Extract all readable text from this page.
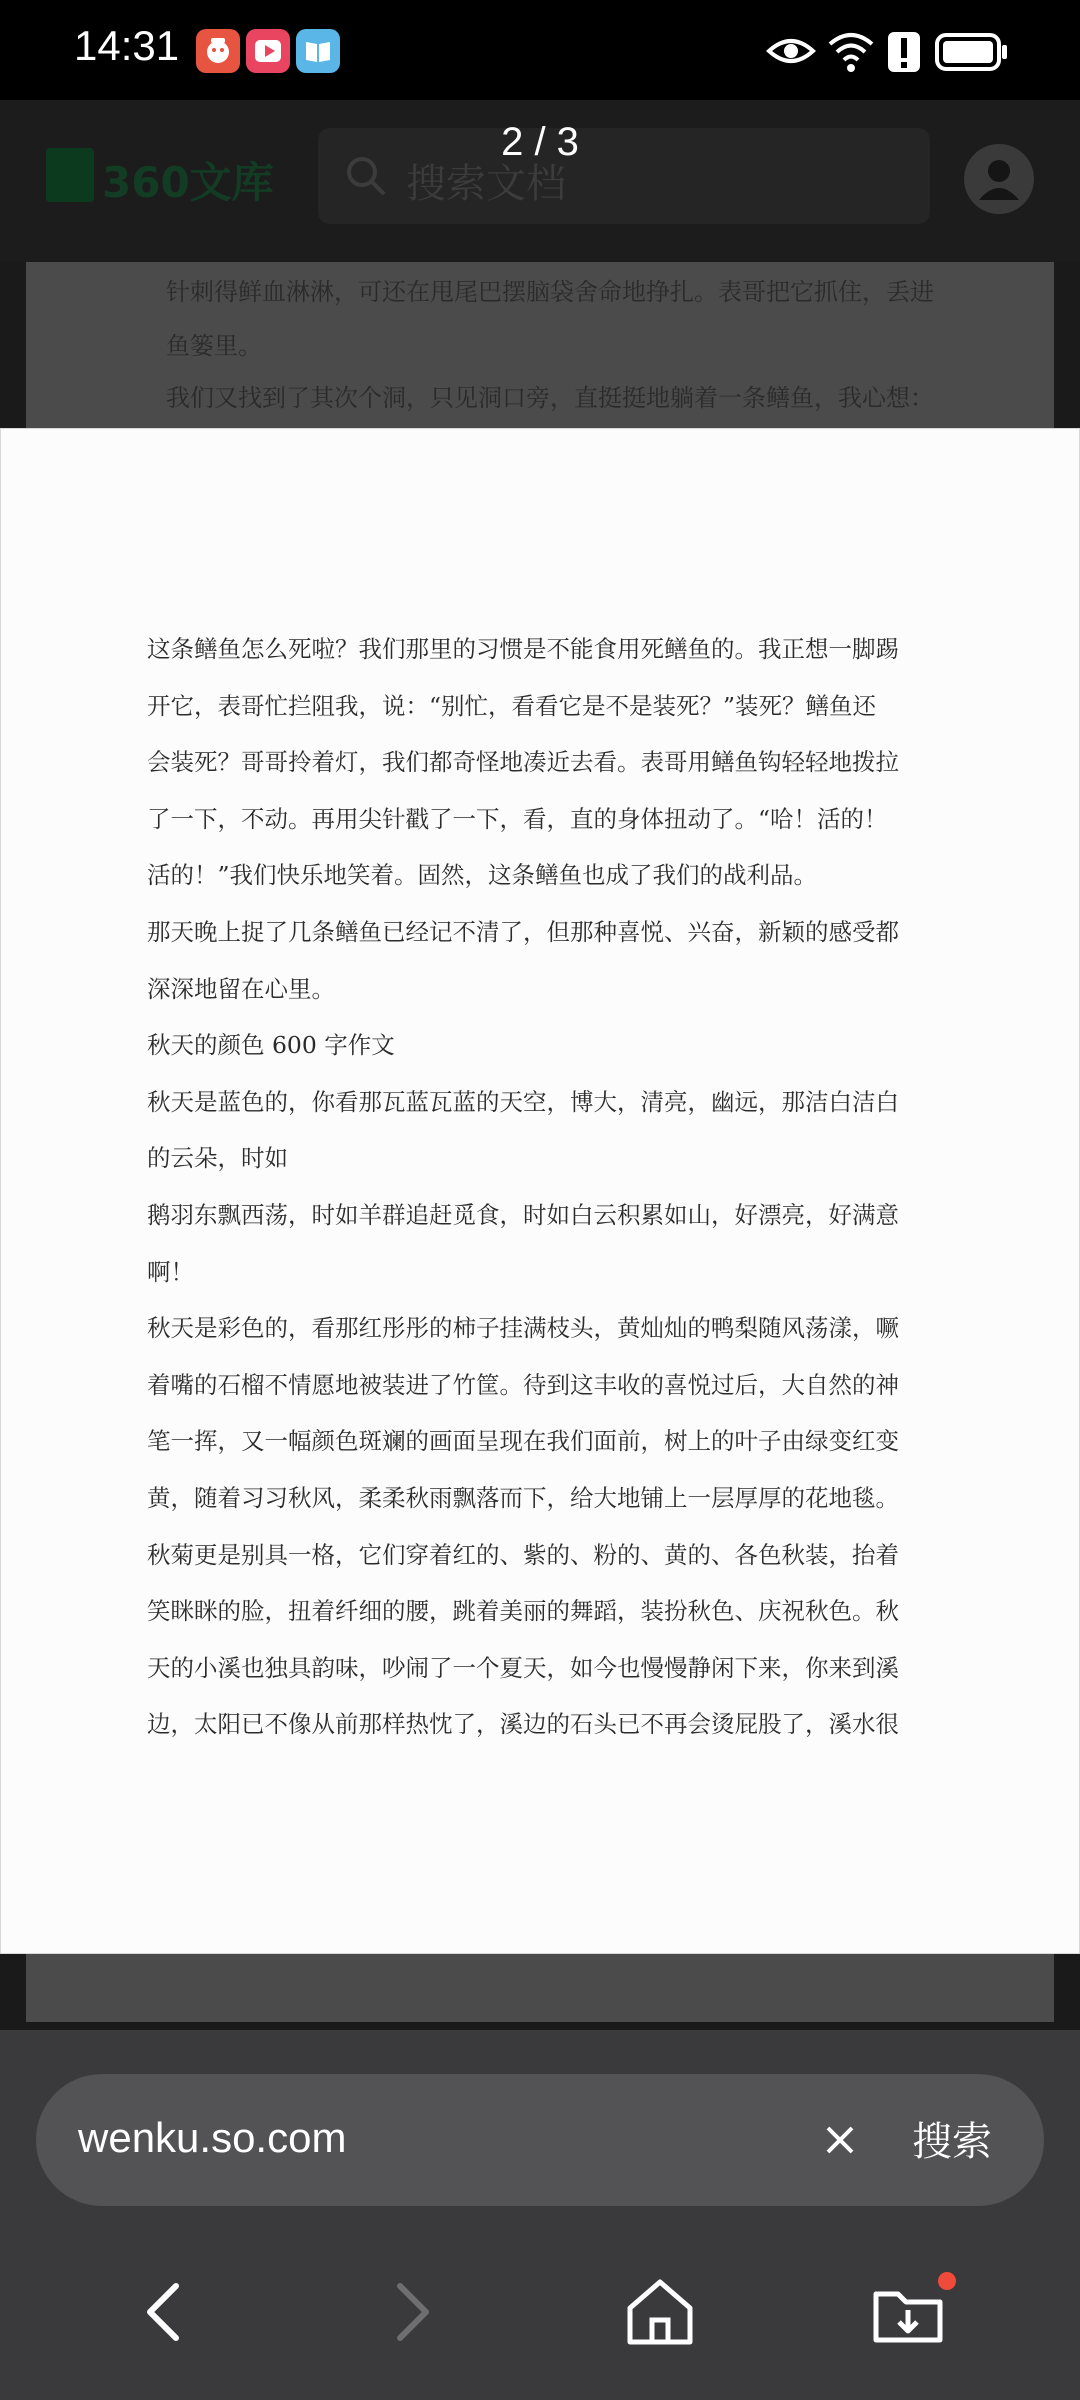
14:31
360文库	搜索文档
针刺得鲜血淋淋，可还在甩尾巴摆脑袋舍命地挣扎。表哥把它抓住，丢进
鱼篓里。
我们又找到了其次个洞，只见洞口旁，直挺挺地躺着一条鳝鱼，我心想：
2 / 3
这条鳝鱼怎么死啦？我们那里的习惯是不能食用死鳝鱼的。我正想一脚踢
开它，表哥忙拦阻我，说：“别忙，看看它是不是装死？”装死？鳝鱼还
会装死？哥哥拎着灯，我们都奇怪地凑近去看。表哥用鳝鱼钩轻轻地拨拉
了一下，不动。再用尖针戳了一下，看，直的身体扭动了。“哈！活的！
活的！”我们快乐地笑着。固然，这条鳝鱼也成了我们的战利品。
那天晚上捉了几条鳝鱼已经记不清了，但那种喜悦、兴奋，新颖的感受都
深深地留在心里。
秋天的颜色 600 字作文
秋天是蓝色的，你看那瓦蓝瓦蓝的天空，博大，清亮，幽远，那洁白洁白
的云朵，时如
鹅羽东飘西荡，时如羊群追赶觅食，时如白云积累如山，好漂亮，好满意
啊！
秋天是彩色的，看那红彤彤的柿子挂满枝头，黄灿灿的鸭梨随风荡漾，噘
着嘴的石榴不情愿地被装进了竹筐。待到这丰收的喜悦过后，大自然的神
笔一挥，又一幅颜色斑斓的画面呈现在我们面前，树上的叶子由绿变红变
黄，随着习习秋风，柔柔秋雨飘落而下，给大地铺上一层厚厚的花地毯。
秋菊更是别具一格，它们穿着红的、紫的、粉的、黄的、各色秋装，抬着
笑眯眯的脸，扭着纤细的腰，跳着美丽的舞蹈，装扮秋色、庆祝秋色。秋
天的小溪也独具韵味，吵闹了一个夏天，如今也慢慢静闲下来，你来到溪
边，太阳已不像从前那样热忱了，溪边的石头已不再会烫屁股了，溪水很
wenku.so.com	搜索
